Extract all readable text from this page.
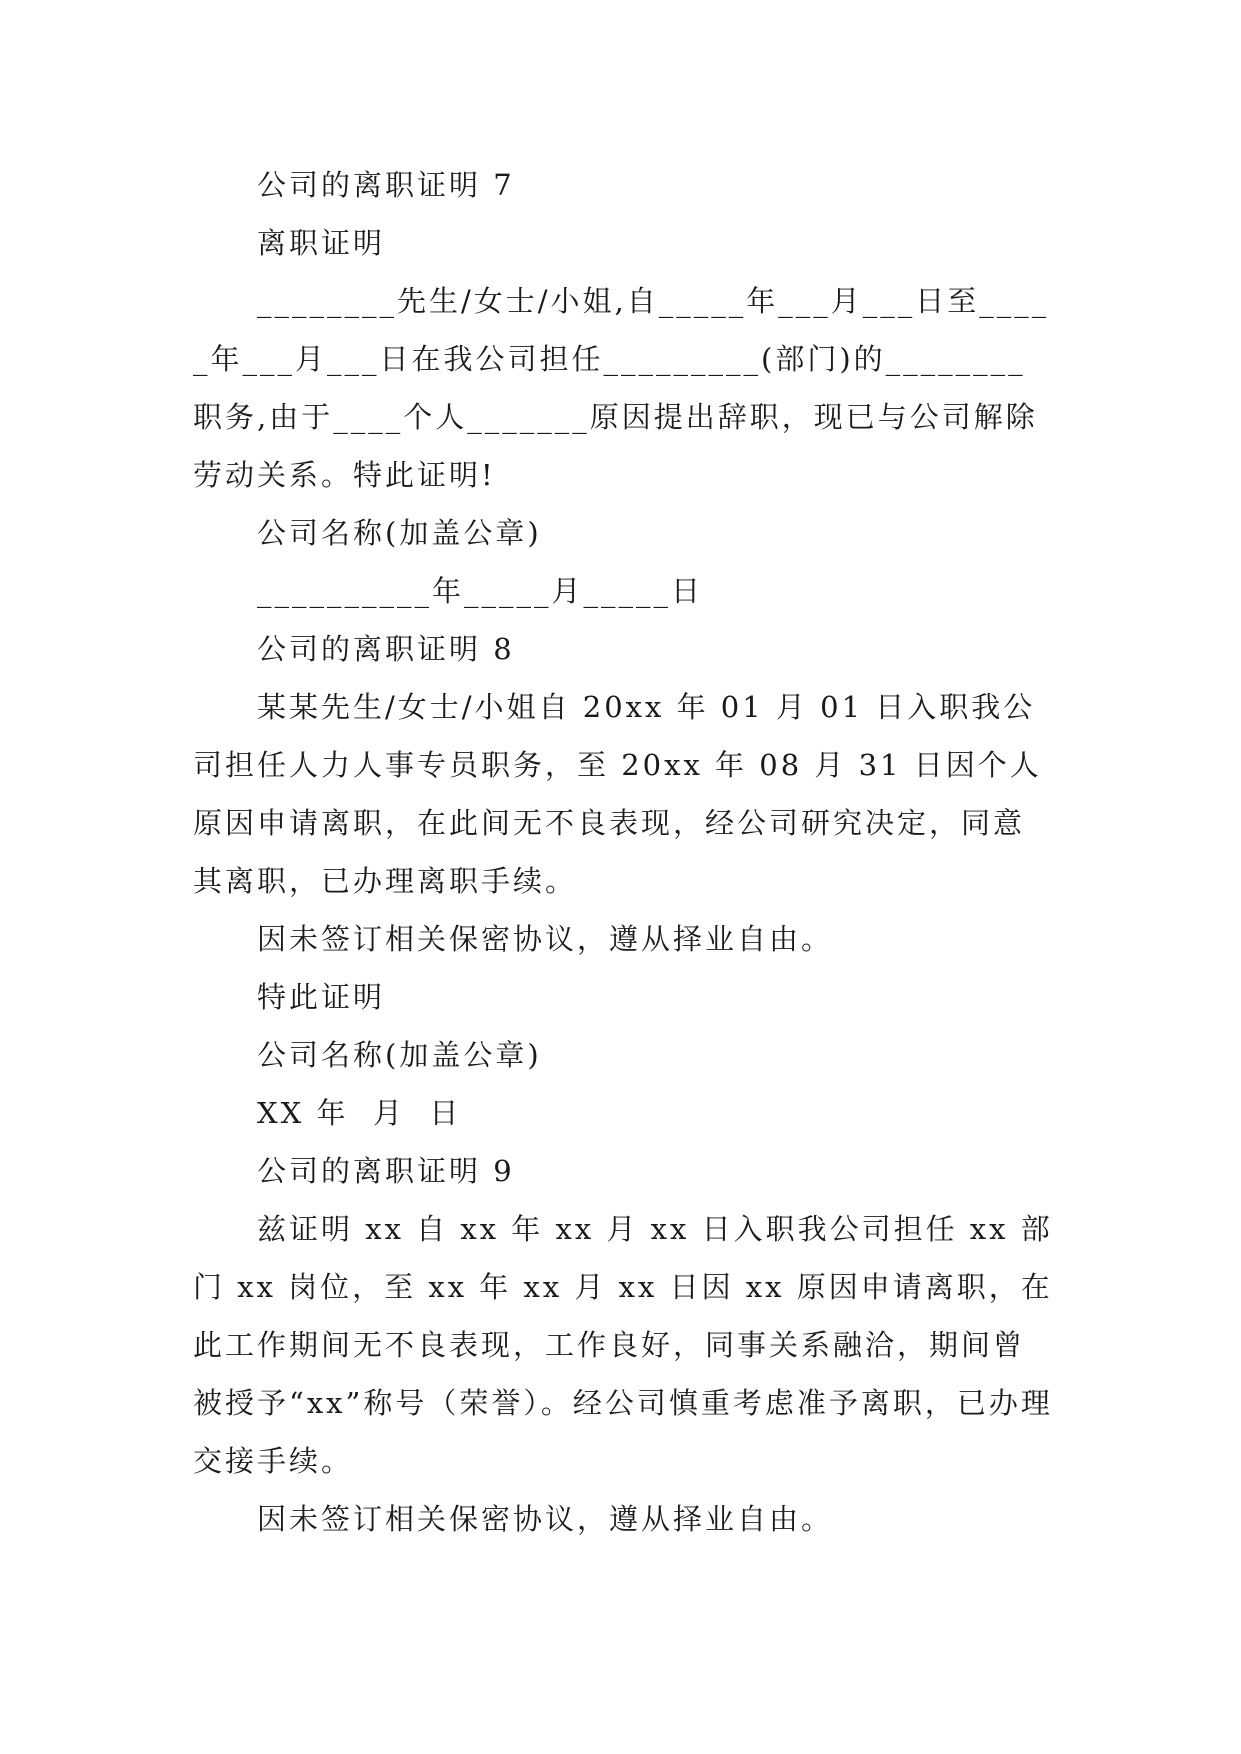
公司的离职证明 7

离职证明

________先生/女士/小姐,自_____年___月___日至_____年___月___日在我公司担任_________(部门)的________职务,由于____个人_______原因提出辞职，现已与公司解除劳动关系。特此证明!

公司名称(加盖公章)

__________年_____月_____日

公司的离职证明 8

某某先生/女士/小姐自 20xx 年 01 月 01 日入职我公司担任人力人事专员职务，至 20xx 年 08 月 31 日因个人原因申请离职，在此间无不良表现，经公司研究决定，同意其离职，已办理离职手续。

因未签订相关保密协议，遵从择业自由。

特此证明

公司名称(加盖公章)

XX 年  月  日

公司的离职证明 9

兹证明 xx 自 xx 年 xx 月 xx 日入职我公司担任 xx 部门 xx 岗位，至 xx 年 xx 月 xx 日因 xx 原因申请离职，在此工作期间无不良表现，工作良好，同事关系融洽，期间曾被授予“xx”称号（荣誉）。经公司慎重考虑准予离职，已办理交接手续。

因未签订相关保密协议，遵从择业自由。
